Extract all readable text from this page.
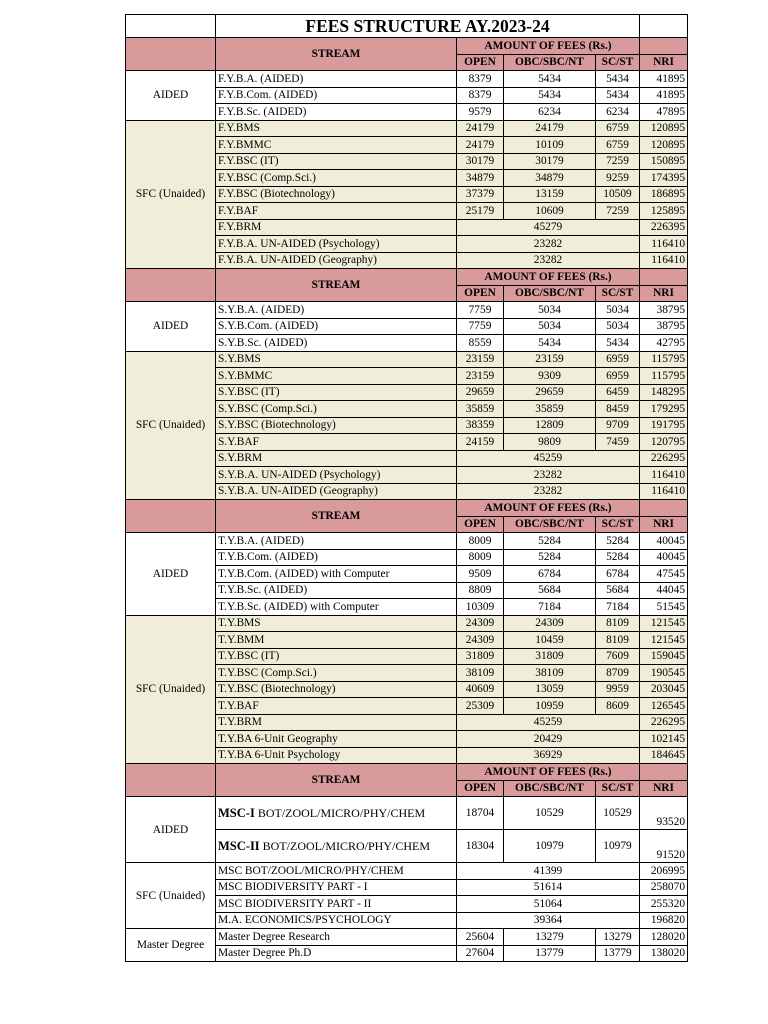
	FEES STRUCTURE AY.2023-24				
	STREAM	AMOUNT OF FEES (Rs.)			
		OPEN	OBC/SBC/NT	SC/ST	NRI
AIDED	F.Y.B.A. (AIDED)	8379	5434	5434	41895
	F.Y.B.Com. (AIDED)	8379	5434	5434	41895
	F.Y.B.Sc. (AIDED)	9579	6234	6234	47895
SFC (Unaided)	F.Y.BMS	24179	24179	6759	120895
	F.Y.BMMC	24179	10109	6759	120895
	F.Y.BSC (IT)	30179	30179	7259	150895
	F.Y.BSC (Comp.Sci.)	34879	34879	9259	174395
	F.Y.BSC (Biotechnology)	37379	13159	10509	186895
	F.Y.BAF	25179	10609	7259	125895
	F.Y.BRM	45279			226395
	F.Y.B.A. UN-AIDED (Psychology)	23282			116410
	F.Y.B.A. UN-AIDED (Geography)	23282			116410
	STREAM	AMOUNT OF FEES (Rs.)			
		OPEN	OBC/SBC/NT	SC/ST	NRI
AIDED	S.Y.B.A. (AIDED)	7759	5034	5034	38795
	S.Y.B.Com. (AIDED)	7759	5034	5034	38795
	S.Y.B.Sc. (AIDED)	8559	5434	5434	42795
SFC (Unaided)	S.Y.BMS	23159	23159	6959	115795
	S.Y.BMMC	23159	9309	6959	115795
	S.Y.BSC (IT)	29659	29659	6459	148295
	S.Y.BSC (Comp.Sci.)	35859	35859	8459	179295
	S.Y.BSC (Biotechnology)	38359	12809	9709	191795
	S.Y.BAF	24159	9809	7459	120795
	S.Y.BRM	45259			226295
	S.Y.B.A. UN-AIDED (Psychology)	23282			116410
	S.Y.B.A. UN-AIDED (Geography)	23282			116410
	STREAM	AMOUNT OF FEES (Rs.)			
		OPEN	OBC/SBC/NT	SC/ST	NRI
AIDED	T.Y.B.A. (AIDED)	8009	5284	5284	40045
	T.Y.B.Com. (AIDED)	8009	5284	5284	40045
	T.Y.B.Com. (AIDED) with Computer	9509	6784	6784	47545
	T.Y.B.Sc. (AIDED)	8809	5684	5684	44045
	T.Y.B.Sc. (AIDED) with Computer	10309	7184	7184	51545
SFC (Unaided)	T.Y.BMS	24309	24309	8109	121545
	T.Y.BMM	24309	10459	8109	121545
	T.Y.BSC (IT)	31809	31809	7609	159045
	T.Y.BSC (Comp.Sci.)	38109	38109	8709	190545
	T.Y.BSC (Biotechnology)	40609	13059	9959	203045
	T.Y.BAF	25309	10959	8609	126545
	T.Y.BRM	45259			226295
	T.Y.BA 6-Unit Geography	20429			102145
	T.Y.BA 6-Unit Psychology	36929			184645
	STREAM	AMOUNT OF FEES (Rs.)			
		OPEN	OBC/SBC/NT	SC/ST	NRI
AIDED	MSC-I BOT/ZOOL/MICRO/PHY/CHEM	18704	10529	10529	93520
	MSC-II BOT/ZOOL/MICRO/PHY/CHEM	18304	10979	10979	91520
SFC (Unaided)	MSC BOT/ZOOL/MICRO/PHY/CHEM	41399			206995
	MSC BIODIVERSITY PART - I	51614			258070
	MSC BIODIVERSITY PART - II	51064			255320
	M.A. ECONOMICS/PSYCHOLOGY	39364			196820
Master Degree	Master Degree Research	25604	13279	13279	128020
	Master Degree Ph.D	27604	13779	13779	138020
